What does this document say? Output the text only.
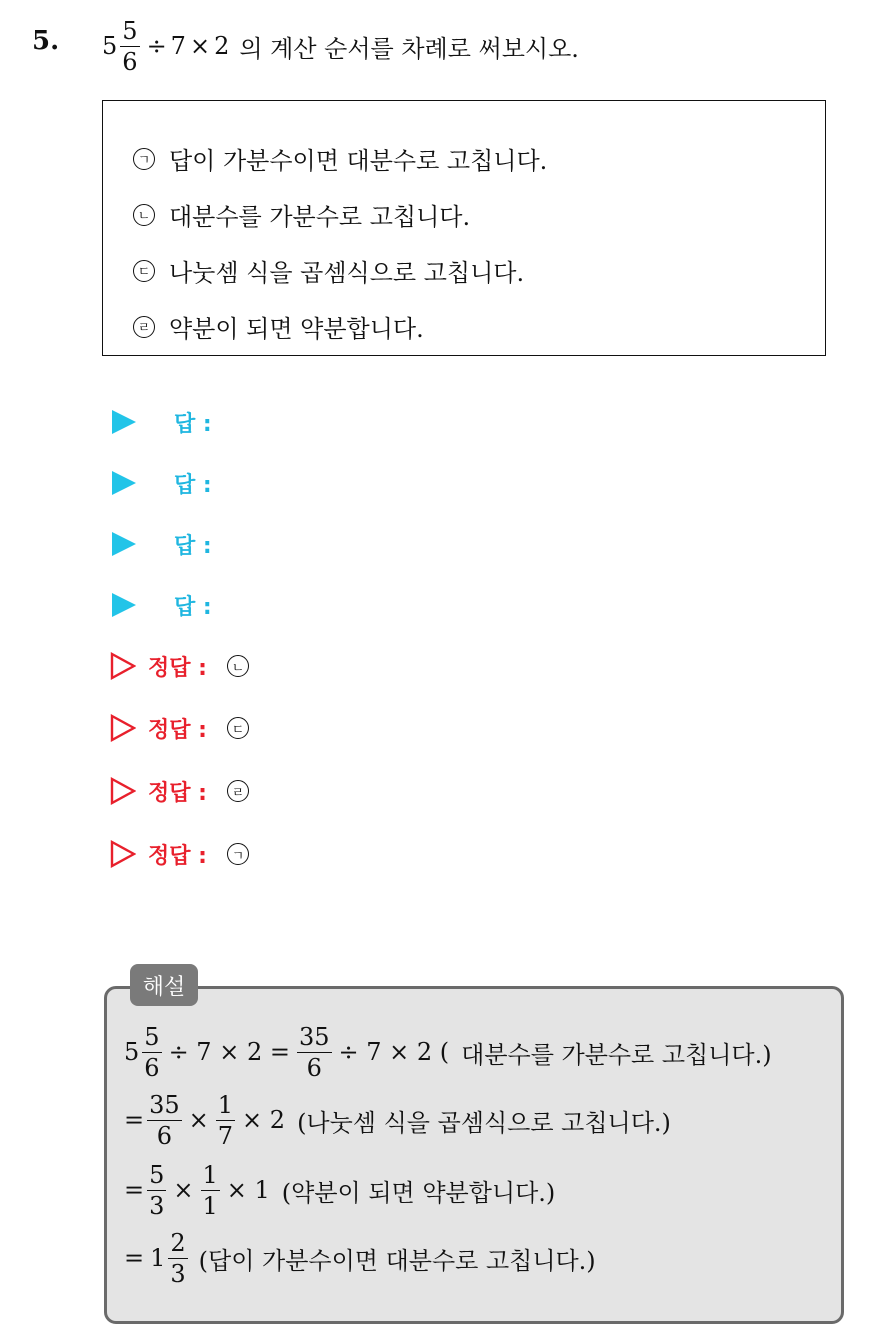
5. $5 \frac{5}{6} \div 7 \times 2$ 의 계산 순서를 차례로 써보시오.
ㄱ 답이 가분수이면 대분수로 고칩니다.
ㄴ 대분수를 가분수로 고칩니다.
ㄷ 나눗셈 식을 곱셈식으로 고칩니다.
ㄹ 약분이 되면 약분합니다.
답 :
답 :
답 :
답 :
정답 :	ㄴ
정답 :	ㄷ
정답 :	ㄹ
정답 :	ㄱ
해설
$5 \frac{5}{6} \div 7 \times 2 = \frac{35}{6} \div 7 \times 2$ ( 대분수를 가분수로 고칩니다.)
= $\frac{35}{6} \times \frac{1}{7} \times 2$ (나눗셈 식을 곱셈식으로 고칩니다.)
= $\frac{5}{3} \times \frac{1}{1} \times 1$ (약분이 되면 약분합니다.)
= $1 \frac{2}{3}$ (답이 가분수이면 대분수로 고칩니다.)
